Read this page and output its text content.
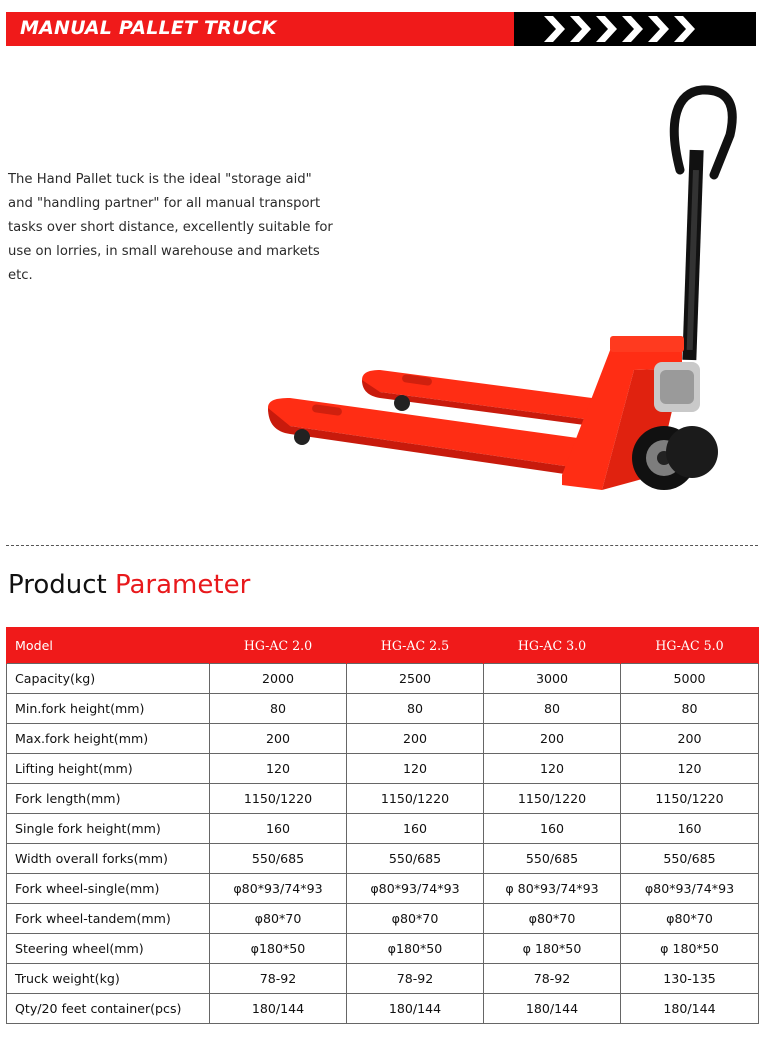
MANUAL PALLET TRUCK
The Hand Pallet tuck is the ideal "storage aid" and "handling partner" for all manual transport tasks over short distance, excellently suitable for use on lorries, in small warehouse and markets etc.
Product Parameter
Model	HG-AC 2.0	HG-AC 2.5	HG-AC 3.0	HG-AC 5.0
Capacity(kg)	2000	2500	3000	5000
Min.fork height(mm)	80	80	80	80
Max.fork height(mm)	200	200	200	200
Lifting height(mm)	120	120	120	120
Fork length(mm)	1150/1220	1150/1220	1150/1220	1150/1220
Single fork height(mm)	160	160	160	160
Width overall forks(mm)	550/685	550/685	550/685	550/685
Fork wheel-single(mm)	φ80*93/74*93	φ80*93/74*93	φ 80*93/74*93	φ80*93/74*93
Fork wheel-tandem(mm)	φ80*70	φ80*70	φ80*70	φ80*70
Steering wheel(mm)	φ180*50	φ180*50	φ 180*50	φ 180*50
Truck weight(kg)	78-92	78-92	78-92	130-135
Qty/20 feet container(pcs)	180/144	180/144	180/144	180/144
